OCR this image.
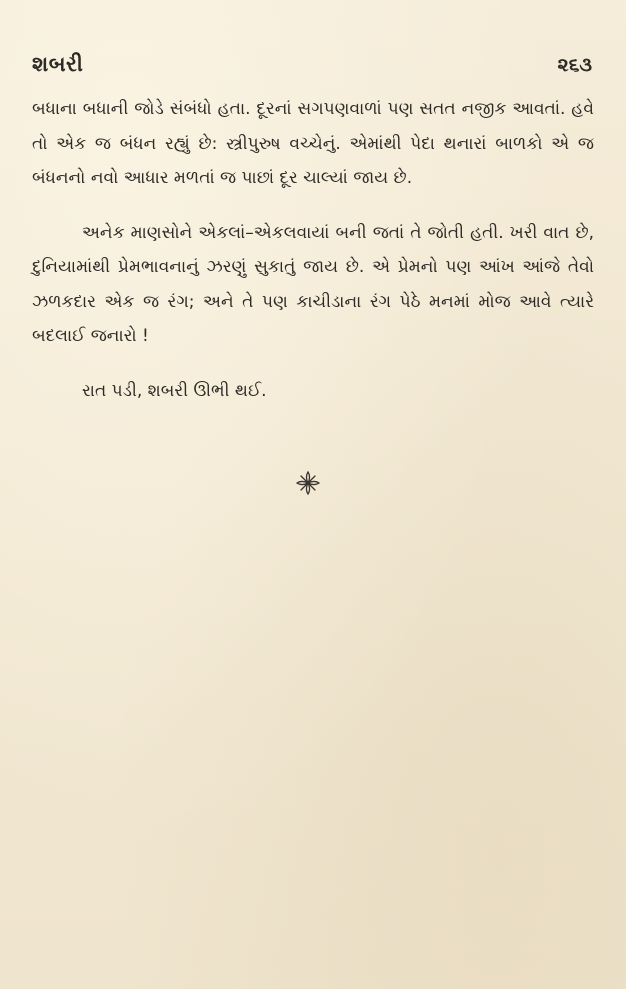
શબરી	૨૬૩

બધાના બધાની જોડે સંબંધો હતા. દૂરનાં સગપણવાળાં પણ સતત નજીક આવતાં. હવે તો એક જ બંધન રહ્યું છે: સ્ત્રીપુરુષ વચ્ચેનું. એમાંથી પેદા થનારાં બાળકો એ જ બંધનનો નવો આધાર મળતાં જ પાછાં દૂર ચાલ્યાં જાય છે.

અનેક માણસોને એકલાં–એકલવાયાં બની જતાં તે જોતી હતી. ખરી વાત છે, દુનિયામાંથી પ્રેમભાવનાનું ઝરણું સુકાતું જાય છે. એ પ્રેમનો પણ આંખ આંજે તેવો ઝળકદાર એક જ રંગ; અને તે પણ કાચીડાના રંગ પેઠે મનમાં મોજ આવે ત્યારે બદલાઈ જનારો !

રાત પડી, શબરી ઊભી થઈ.
